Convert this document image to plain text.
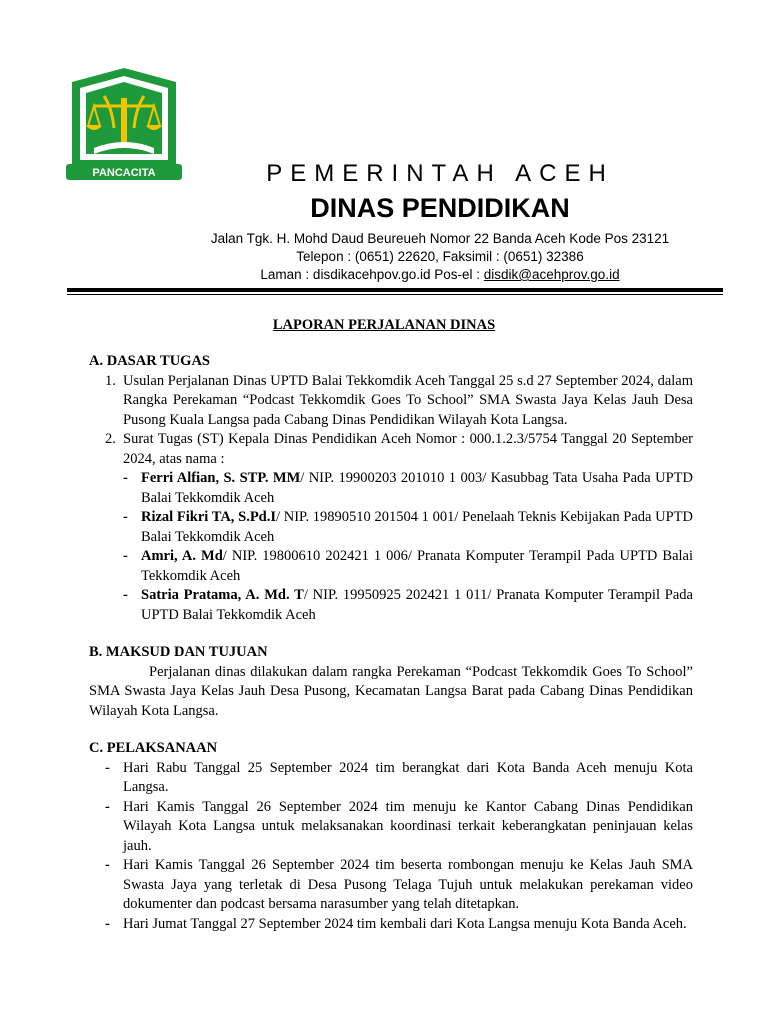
PANCACITA	PEMERINTAH ACEH
DINAS PENDIDIKAN
Jalan Tgk. H. Mohd Daud Beureueh Nomor 22 Banda Aceh Kode Pos 23121
Telepon : (0651) 22620, Faksimil : (0651) 32386
Laman : disdikacehpov.go.id Pos-el : disdik@acehprov.go.id
LAPORAN PERJALANAN DINAS
A. DASAR TUGAS
1. Usulan Perjalanan Dinas UPTD Balai Tekkomdik Aceh Tanggal 25 s.d 27 September 2024, dalam Rangka Perekaman “Podcast Tekkomdik Goes To School” SMA Swasta Jaya Kelas Jauh Desa Pusong Kuala Langsa pada Cabang Dinas Pendidikan Wilayah Kota Langsa.
2. Surat Tugas (ST) Kepala Dinas Pendidikan Aceh Nomor : 000.1.2.3/5754 Tanggal 20 September 2024, atas nama :
- Ferri Alfian, S. STP. MM/ NIP. 19900203 201010 1 003/ Kasubbag Tata Usaha Pada UPTD Balai Tekkomdik Aceh
- Rizal Fikri TA, S.Pd.I/ NIP. 19890510 201504 1 001/ Penelaah Teknis Kebijakan Pada UPTD Balai Tekkomdik Aceh
- Amri, A. Md/ NIP. 19800610 202421 1 006/ Pranata Komputer Terampil Pada UPTD Balai Tekkomdik Aceh
- Satria Pratama, A. Md. T/ NIP. 19950925 202421 1 011/ Pranata Komputer Terampil Pada UPTD Balai Tekkomdik Aceh
B. MAKSUD DAN TUJUAN
Perjalanan dinas dilakukan dalam rangka Perekaman “Podcast Tekkomdik Goes To School” SMA Swasta Jaya Kelas Jauh Desa Pusong, Kecamatan Langsa Barat pada Cabang Dinas Pendidikan Wilayah Kota Langsa.
C. PELAKSANAAN
- Hari Rabu Tanggal 25 September 2024 tim berangkat dari Kota Banda Aceh menuju Kota Langsa.
- Hari Kamis Tanggal 26 September 2024 tim menuju ke Kantor Cabang Dinas Pendidikan Wilayah Kota Langsa untuk melaksanakan koordinasi terkait keberangkatan peninjauan kelas jauh.
- Hari Kamis Tanggal 26 September 2024 tim beserta rombongan menuju ke Kelas Jauh SMA Swasta Jaya yang terletak di Desa Pusong Telaga Tujuh untuk melakukan perekaman video dokumenter dan podcast bersama narasumber yang telah ditetapkan.
- Hari Jumat Tanggal 27 September 2024 tim kembali dari Kota Langsa menuju Kota Banda Aceh.
